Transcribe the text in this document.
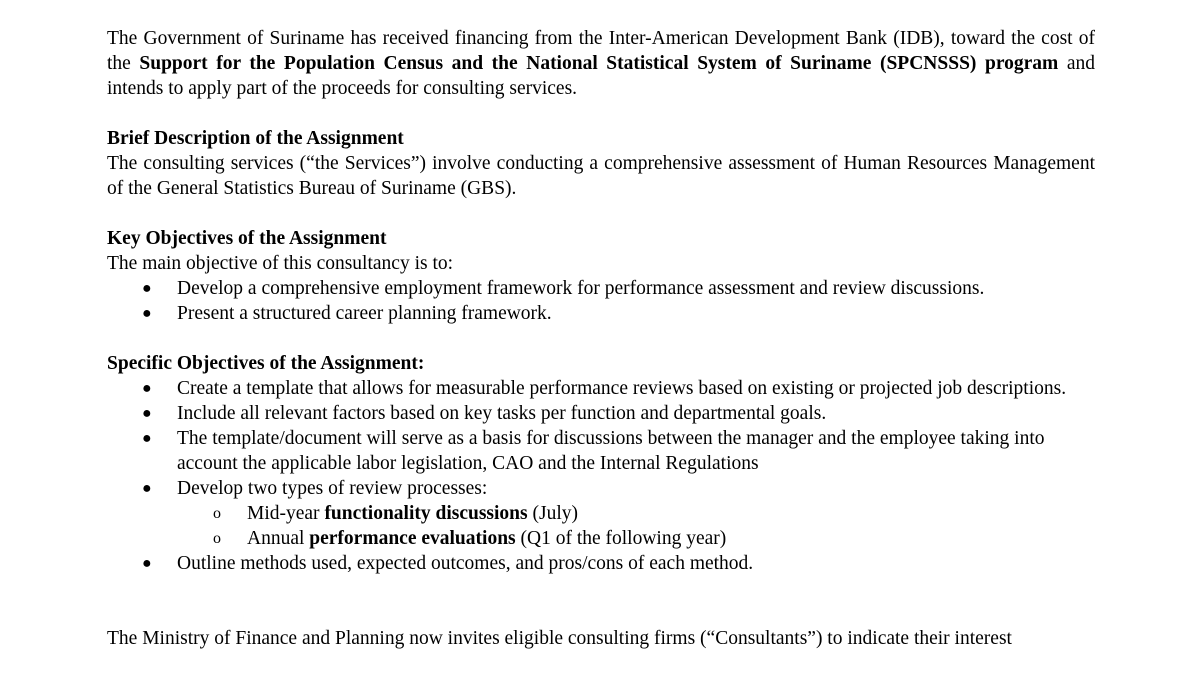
The Government of Suriname has received financing from the Inter-American Development Bank (IDB), toward the cost of the Support for the Population Census and the National Statistical System of Suriname (SPCNSSS) program and intends to apply part of the proceeds for consulting services.

Brief Description of the Assignment

The consulting services (“the Services”) involve conducting a comprehensive assessment of Human Resources Management of the General Statistics Bureau of Suriname (GBS).

Key Objectives of the Assignment

The main objective of this consultancy is to:

●	Develop a comprehensive employment framework for performance assessment and review discussions.
●	Present a structured career planning framework.

Specific Objectives of the Assignment:

●	Create a template that allows for measurable performance reviews based on existing or projected job descriptions.
●	Include all relevant factors based on key tasks per function and departmental goals.
●	The template/document will serve as a basis for discussions between the manager and the employee taking into account the applicable labor legislation, CAO and the Internal Regulations
●	Develop two types of review processes:
o Mid-year functionality discussions (July)
o Annual performance evaluations (Q1 of the following year)
●	Outline methods used, expected outcomes, and pros/cons of each method.

The Ministry of Finance and Planning now invites eligible consulting firms (“Consultants”) to indicate their interest
